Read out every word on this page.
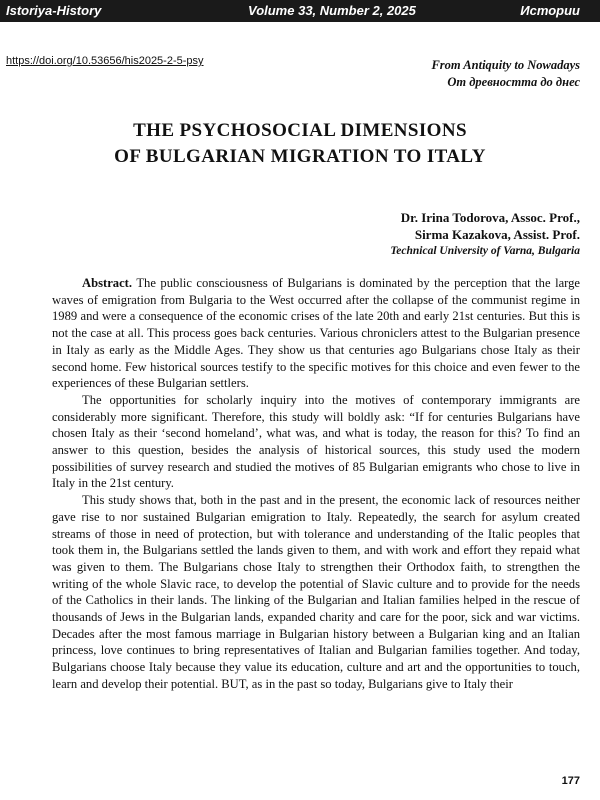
Istoriya-History	Volume 33, Number 2, 2025	Истории
https://doi.org/10.53656/his2025-2-5-psy	From Antiquity to Nowadays
От древността до днес
THE PSYCHOSOCIAL DIMENSIONS
OF BULGARIAN MIGRATION TO ITALY
Dr. Irina Todorova, Assoc. Prof.,
Sirma Kazakova, Assist. Prof.
Technical University of Varna, Bulgaria

Abstract. The public consciousness of Bulgarians is dominated by the perception that the large waves of emigration from Bulgaria to the West occurred after the collapse of the communist regime in 1989 and were a consequence of the economic crises of the late 20th and early 21st centuries. But this is not the case at all. This process goes back centuries. Various chroniclers attest to the Bulgarian presence in Italy as early as the Middle Ages. They show us that centuries ago Bulgarians chose Italy as their second home. Few historical sources testify to the specific motives for this choice and even fewer to the experiences of these Bulgarian settlers.

The opportunities for scholarly inquiry into the motives of contemporary immigrants are considerably more significant. Therefore, this study will boldly ask: “If for centuries Bulgarians have chosen Italy as their ‘second homeland’, what was, and what is today, the reason for this? To find an answer to this question, besides the analysis of historical sources, this study used the modern possibilities of survey research and studied the motives of 85 Bulgarian emigrants who chose to live in Italy in the 21st century.

This study shows that, both in the past and in the present, the economic lack of resources neither gave rise to nor sustained Bulgarian emigration to Italy. Repeatedly, the search for asylum created streams of those in need of protection, but with tolerance and understanding of the Italic peoples that took them in, the Bulgarians settled the lands given to them, and with work and effort they repaid what was given to them. The Bulgarians chose Italy to strengthen their Orthodox faith, to strengthen the writing of the whole Slavic race, to develop the potential of Slavic culture and to provide for the needs of the Catholics in their lands. The linking of the Bulgarian and Italian families helped in the rescue of thousands of Jews in the Bulgarian lands, expanded charity and care for the poor, sick and war victims. Decades after the most famous marriage in Bulgarian history between a Bulgarian king and an Italian princess, love continues to bring representatives of Italian and Bulgarian families together. And today, Bulgarians choose Italy because they value its education, culture and art and the opportunities to touch, learn and develop their potential. BUT, as in the past so today, Bulgarians give to Italy their

177
